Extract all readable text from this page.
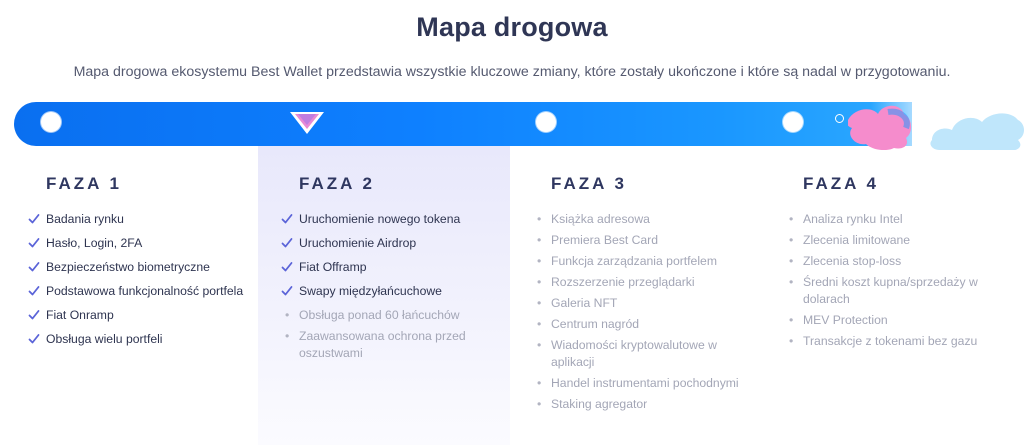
Mapa drogowa
Mapa drogowa ekosystemu Best Wallet przedstawia wszystkie kluczowe zmiany, które zostały ukończone i które są nadal w przygotowaniu.
FAZA 1
Badania rynku
Hasło, Login, 2FA
Bezpieczeństwo biometryczne
Podstawowa funkcjonalność portfela
Fiat Onramp
Obsługa wielu portfeli
FAZA 2
Uruchomienie nowego tokena
Uruchomienie Airdrop
Fiat Offramp
Swapy międzyłańcuchowe
• Obsługa ponad 60 łańcuchów
• Zaawansowana ochrona przed oszustwami
FAZA 3
• Książka adresowa
• Premiera Best Card
• Funkcja zarządzania portfelem
• Rozszerzenie przeglądarki
• Galeria NFT
• Centrum nagród
• Wiadomości kryptowalutowe w aplikacji
• Handel instrumentami pochodnymi
• Staking agregator
FAZA 4
• Analiza rynku Intel
• Zlecenia limitowane
• Zlecenia stop-loss
• Średni koszt kupna/sprzedaży w dolarach
• MEV Protection
• Transakcje z tokenami bez gazu
